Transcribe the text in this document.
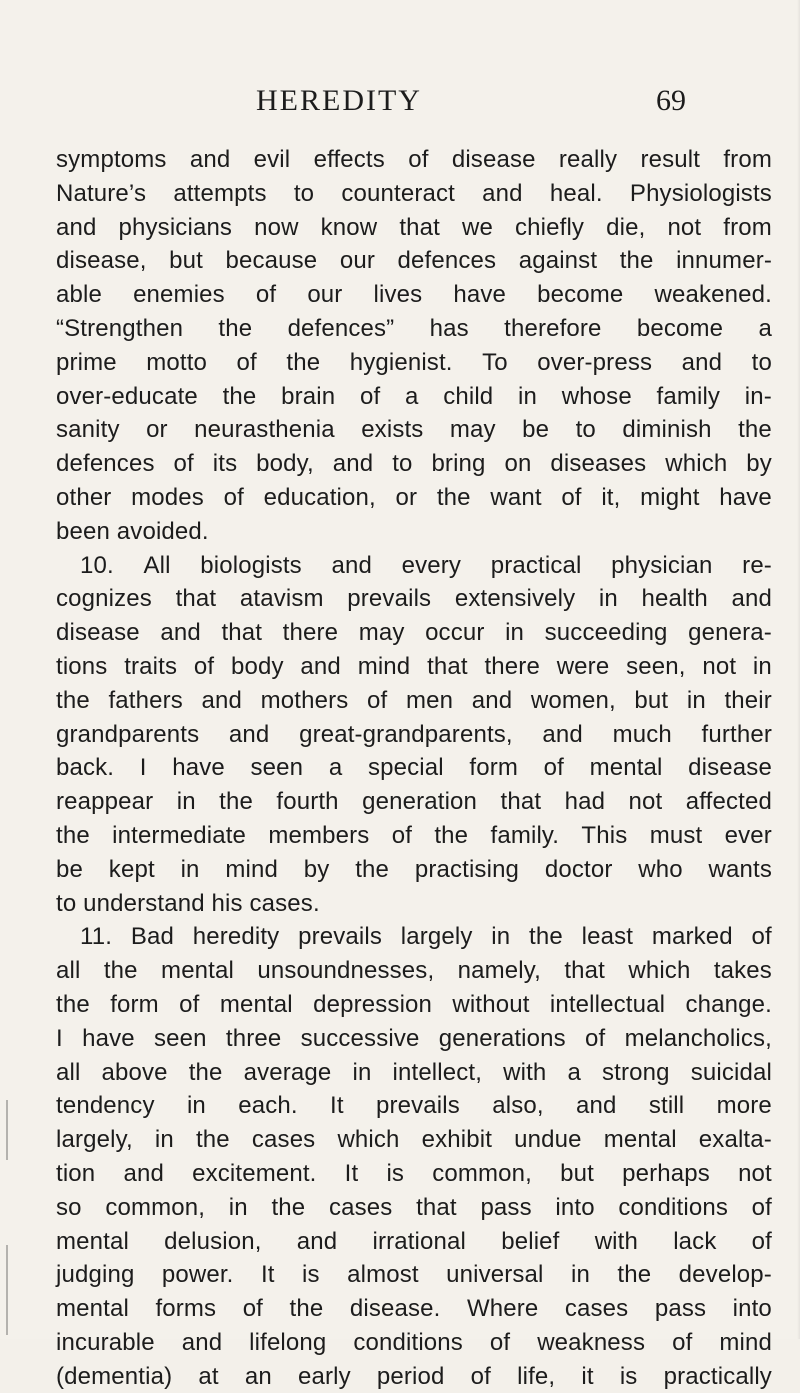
HEREDITY	69
symptoms and evil effects of disease really result from
Nature’s attempts to counteract and heal. Physiologists
and physicians now know that we chiefly die, not from
disease, but because our defences against the innumer-
able enemies of our lives have become weakened.
“Strengthen the defences” has therefore become a
prime motto of the hygienist. To over-press and to
over-educate the brain of a child in whose family in-
sanity or neurasthenia exists may be to diminish the
defences of its body, and to bring on diseases which by
other modes of education, or the want of it, might have
been avoided.
10. All biologists and every practical physician re-
cognizes that atavism prevails extensively in health and
disease and that there may occur in succeeding genera-
tions traits of body and mind that there were seen, not in
the fathers and mothers of men and women, but in their
grandparents and great-grandparents, and much further
back. I have seen a special form of mental disease
reappear in the fourth generation that had not affected
the intermediate members of the family. This must ever
be kept in mind by the practising doctor who wants
to understand his cases.
11. Bad heredity prevails largely in the least marked of
all the mental unsoundnesses, namely, that which takes
the form of mental depression without intellectual change.
I have seen three successive generations of melancholics,
all above the average in intellect, with a strong suicidal
tendency in each. It prevails also, and still more
largely, in the cases which exhibit undue mental exalta-
tion and excitement. It is common, but perhaps not
so common, in the cases that pass into conditions of
mental delusion, and irrational belief with lack of
judging power. It is almost universal in the develop-
mental forms of the disease. Where cases pass into
incurable and lifelong conditions of weakness of mind
(dementia) at an early period of life, it is practically
